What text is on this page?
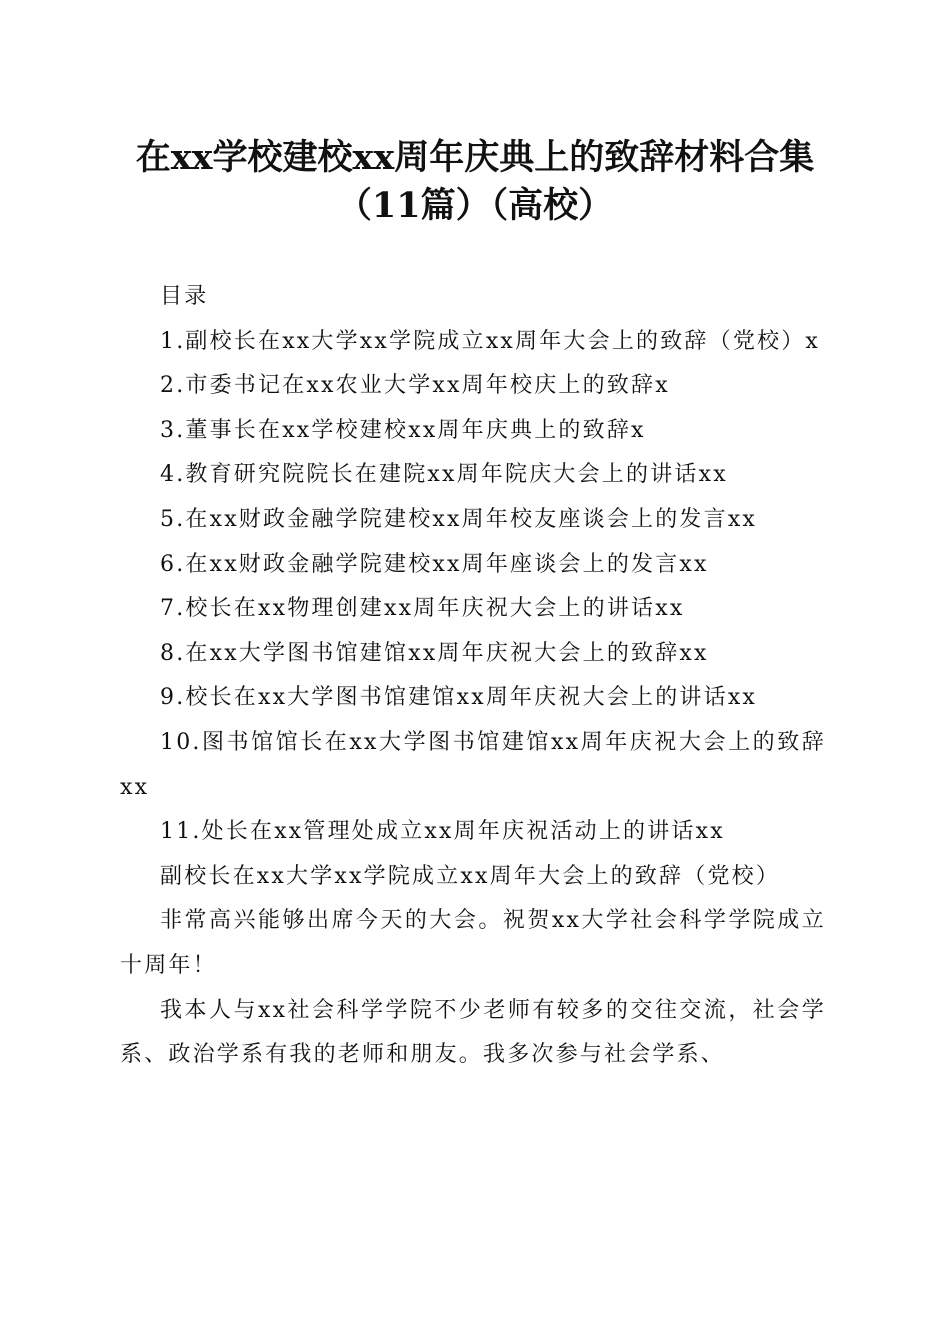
在xx学校建校xx周年庆典上的致辞材料合集
（11篇）（高校）

目录

1.副校长在xx大学xx学院成立xx周年大会上的致辞（党校）x

2.市委书记在xx农业大学xx周年校庆上的致辞x

3.董事长在xx学校建校xx周年庆典上的致辞x

4.教育研究院院长在建院xx周年院庆大会上的讲话xx

5.在xx财政金融学院建校xx周年校友座谈会上的发言xx

6.在xx财政金融学院建校xx周年座谈会上的发言xx

7.校长在xx物理创建xx周年庆祝大会上的讲话xx

8.在xx大学图书馆建馆xx周年庆祝大会上的致辞xx

9.校长在xx大学图书馆建馆xx周年庆祝大会上的讲话xx

10.图书馆馆长在xx大学图书馆建馆xx周年庆祝大会上的致辞xx

11.处长在xx管理处成立xx周年庆祝活动上的讲话xx

副校长在xx大学xx学院成立xx周年大会上的致辞（党校）

非常高兴能够出席今天的大会。祝贺xx大学社会科学学院成立十周年！

我本人与xx社会科学学院不少老师有较多的交往交流，社会学系、政治学系有我的老师和朋友。我多次参与社会学系、
